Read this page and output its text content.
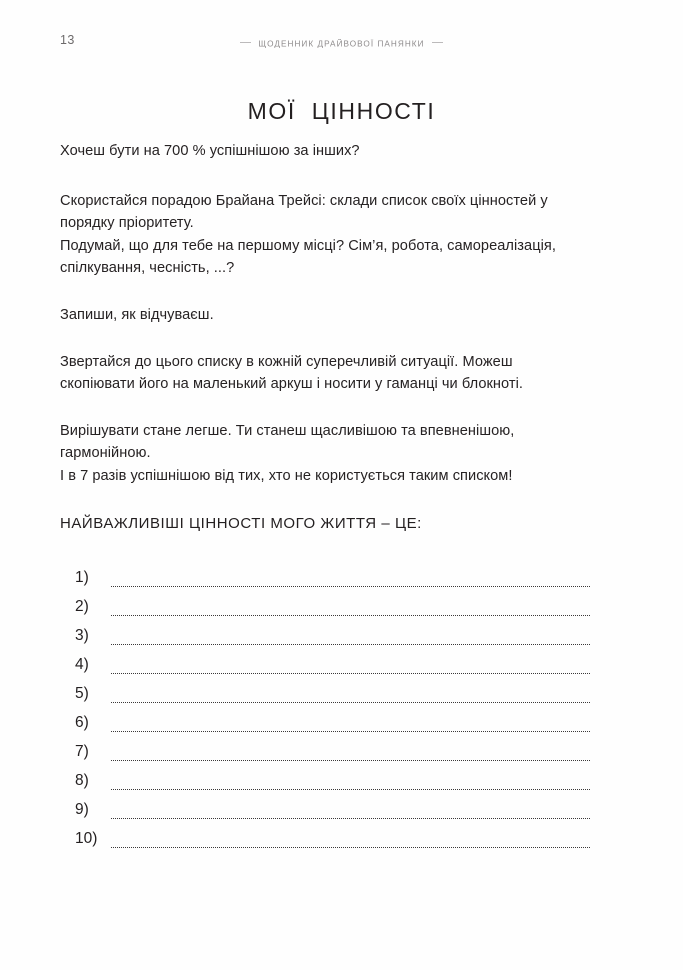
13	ЩОДЕННИК ДРАЙВОВОЇ ПАНЯНКИ
МОЇ  ЦІННОСТІ

Хочеш бути на 700 % успішнішою за інших?

Скористайся порадою Брайана Трейсі: склади список своїх цінностей у порядку пріоритету.

Подумай, що для тебе на першому місці? Сім’я, робота, самореалізація, спілкування, чесність, ...?

Запиши, як відчуваєш.

Звертайся до цього списку в кожній суперечливій ситуації. Можеш скопіювати його на маленький аркуш і носити у гаманці чи блокноті.

Вирішувати стане легше. Ти станеш щасливішою та впевненішою, гармонійною.

І в 7 разів успішнішою від тих, хто не користується таким списком!

НАЙВАЖЛИВІШІ ЦІННОСТІ МОГО ЖИТТЯ – ЦЕ:

1)
2)
3)
4)
5)
6)
7)
8)
9)
10)
